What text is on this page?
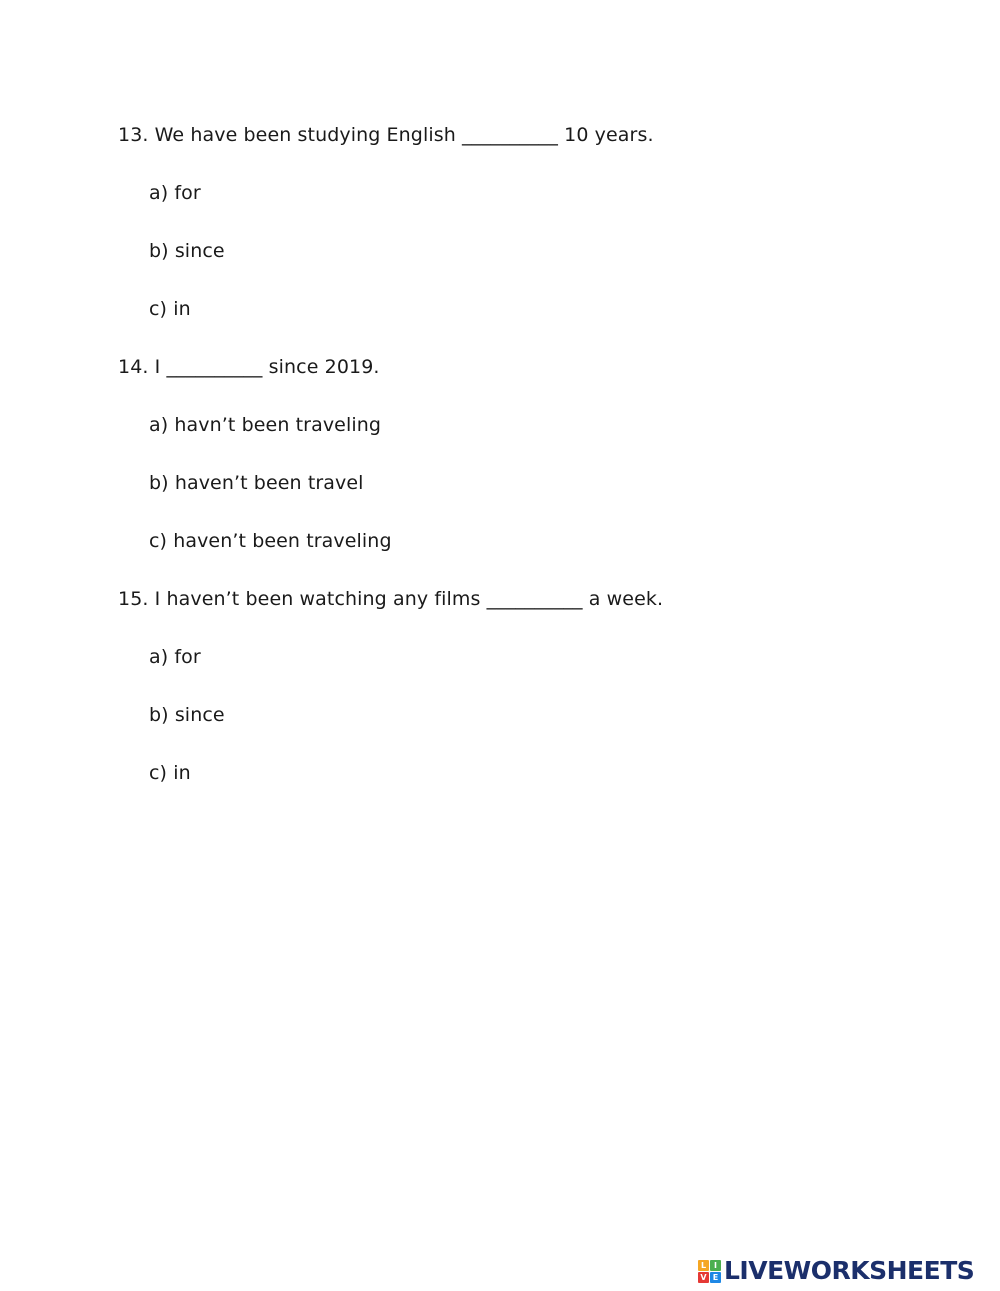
13. We have been studying English __________ 10 years.
a) for
b) since
c) in
14. I __________ since 2019.
a) havn’t been traveling
b) haven’t been travel
c) haven’t been traveling
15. I haven’t been watching any films __________ a week.
a) for
b) since
c) in
L I
V E LIVEWORKSHEETS
